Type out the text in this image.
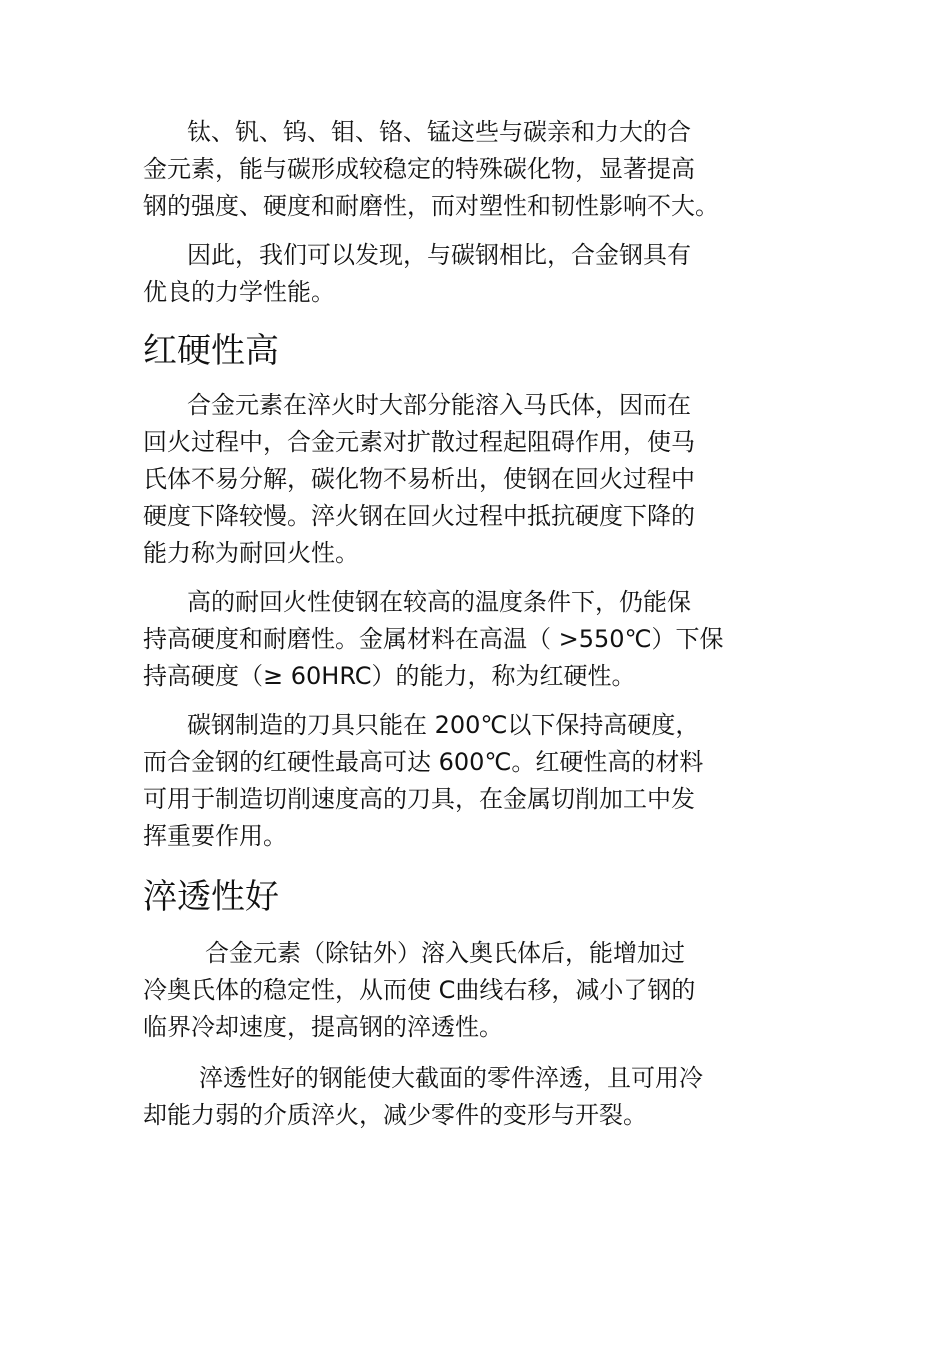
钛、钒、钨、钼、铬、锰这些与碳亲和力大的合
金元素，能与碳形成较稳定的特殊碳化物，显著提高
钢的强度、硬度和耐磨性，而对塑性和韧性影响不大。

因此，我们可以发现，与碳钢相比，合金钢具有
优良的力学性能。

红硬性高

合金元素在淬火时大部分能溶入马氏体，因而在
回火过程中，合金元素对扩散过程起阻碍作用，使马
氏体不易分解，碳化物不易析出，使钢在回火过程中
硬度下降较慢。淬火钢在回火过程中抵抗硬度下降的
能力称为耐回火性。

高的耐回火性使钢在较高的温度条件下，仍能保
持高硬度和耐磨性。金属材料在高温（ >550℃）下保
持高硬度（≥ 60HRC）的能力，称为红硬性。

碳钢制造的刀具只能在 200℃以下保持高硬度，
而合金钢的红硬性最高可达 600℃。红硬性高的材料
可用于制造切削速度高的刀具，在金属切削加工中发
挥重要作用。

淬透性好

合金元素（除钴外）溶入奥氏体后，能增加过
冷奥氏体的稳定性，从而使 C曲线右移，减小了钢的
临界冷却速度，提高钢的淬透性。

淬透性好的钢能使大截面的零件淬透，且可用冷
却能力弱的介质淬火，减少零件的变形与开裂。
